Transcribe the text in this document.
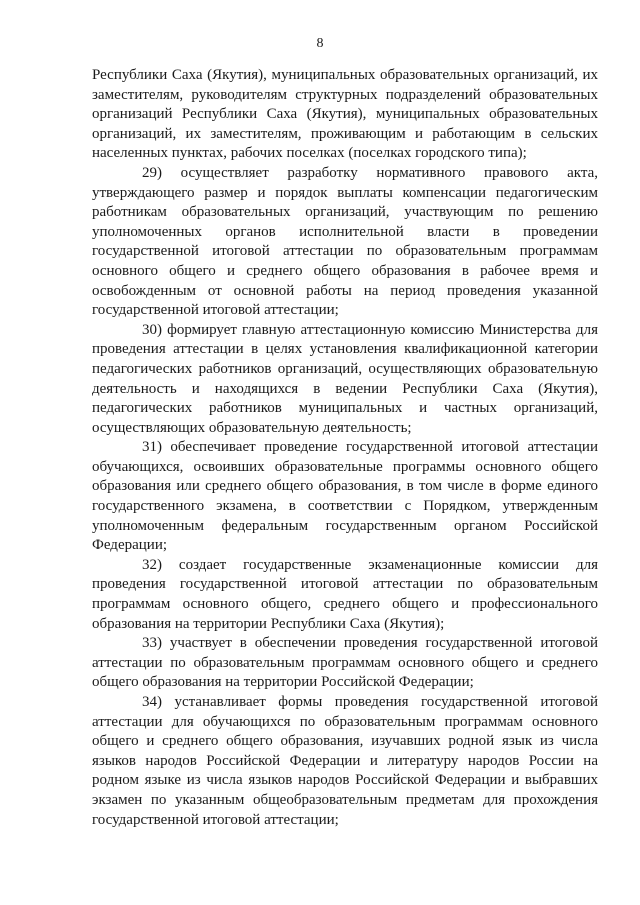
8

Республики Саха (Якутия), муниципальных образовательных организаций, их заместителям, руководителям структурных подразделений образовательных организаций Республики Саха (Якутия), муниципальных образовательных организаций, их заместителям, проживающим и работающим в сельских населенных пунктах, рабочих поселках (поселках городского типа);

29) осуществляет разработку нормативного правового акта, утверждающего размер и порядок выплаты компенсации педагогическим работникам образовательных организаций, участвующим по решению уполномоченных органов исполнительной власти в проведении государственной итоговой аттестации по образовательным программам основного общего и среднего общего образования в рабочее время и освобожденным от основной работы на период проведения указанной государственной итоговой аттестации;

30) формирует главную аттестационную комиссию Министерства для проведения аттестации в целях установления квалификационной категории педагогических работников организаций, осуществляющих образовательную деятельность и находящихся в ведении Республики Саха (Якутия), педагогических работников муниципальных и частных организаций, осуществляющих образовательную деятельность;

31) обеспечивает проведение государственной итоговой аттестации обучающихся, освоивших образовательные программы основного общего образования или среднего общего образования, в том числе в форме единого государственного экзамена, в соответствии с Порядком, утвержденным уполномоченным федеральным государственным органом Российской Федерации;

32) создает государственные экзаменационные комиссии для проведения государственной итоговой аттестации по образовательным программам основного общего, среднего общего и профессионального образования на территории Республики Саха (Якутия);

33) участвует в обеспечении проведения государственной итоговой аттестации по образовательным программам основного общего и среднего общего образования на территории Российской Федерации;

34) устанавливает формы проведения государственной итоговой аттестации для обучающихся по образовательным программам основного общего и среднего общего образования, изучавших родной язык из числа языков народов Российской Федерации и литературу народов России на родном языке из числа языков народов Российской Федерации и выбравших экзамен по указанным общеобразовательным предметам для прохождения государственной итоговой аттестации;
